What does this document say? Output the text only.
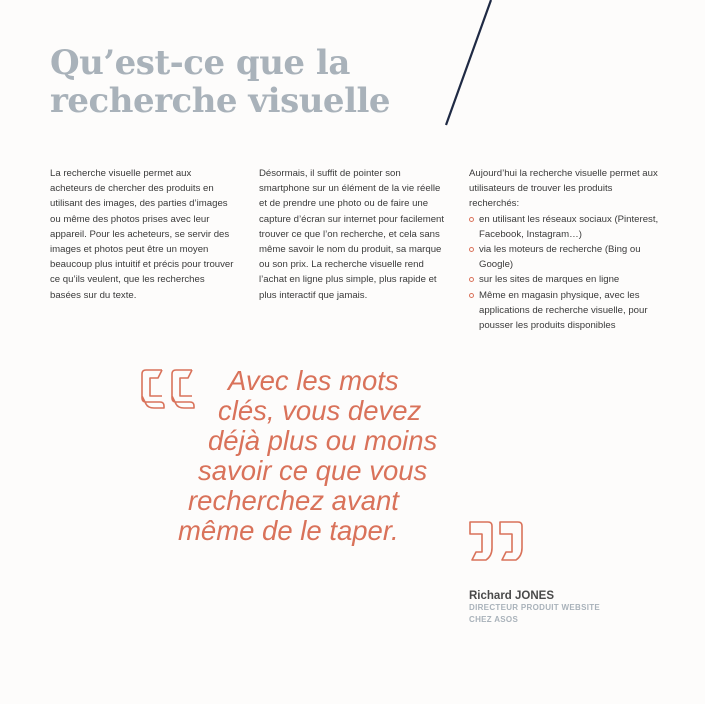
Qu’est-ce que la
recherche visuelle

La recherche visuelle permet aux acheteurs de chercher des produits en utilisant des images, des parties d’images ou même des photos prises avec leur appareil. Pour les acheteurs, se servir des images et photos peut être un moyen beaucoup plus intuitif et précis pour trouver ce qu’ils veulent, que les recherches basées sur du texte.

Désormais, il suffit de pointer son smartphone sur un élément de la vie réelle et de prendre une photo ou de faire une capture d’écran sur internet pour facilement trouver ce que l’on recherche, et cela sans même savoir le nom du produit, sa marque ou son prix. La recherche visuelle rend l’achat en ligne plus simple, plus rapide et plus interactif que jamais.

Aujourd’hui la recherche visuelle permet aux utilisateurs de trouver les produits recherchés:

en utilisant les réseaux sociaux (Pinterest, Facebook, Instagram…)
via les moteurs de recherche (Bing ou Google)
sur les sites de marques en ligne
Même en magasin physique, avec les applications de recherche visuelle, pour pousser les produits disponibles
Avec les mots
clés, vous devez
déjà plus ou moins
savoir ce que vous
recherchez avant
même de le taper.
Richard JONES
DIRECTEUR PRODUIT WEBSITE
CHEZ ASOS
